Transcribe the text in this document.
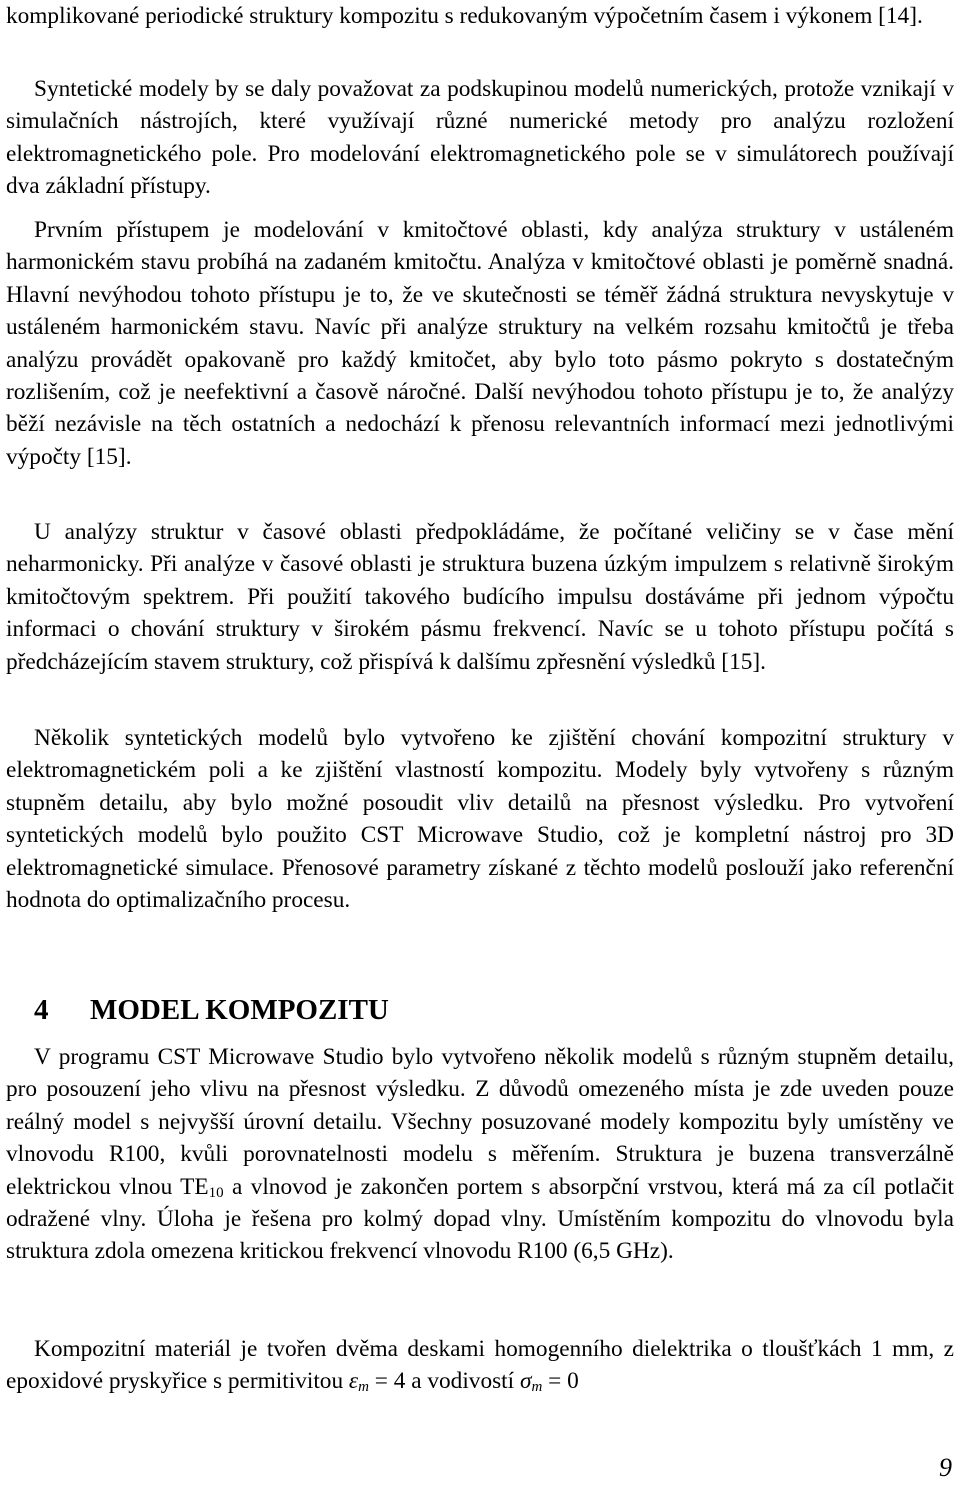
komplikované periodické struktury kompozitu s redukovaným výpočetním časem i výkonem [14].

Syntetické modely by se daly považovat za podskupinou modelů numerických, protože vznikají v simulačních nástrojích, které využívají různé numerické metody pro analýzu rozložení elektromagnetického pole. Pro modelování elektromagnetického pole se v simulátorech používají dva základní přístupy.

Prvním přístupem je modelování v kmitočtové oblasti, kdy analýza struktury v ustáleném harmonickém stavu probíhá na zadaném kmitočtu. Analýza v kmitočtové oblasti je poměrně snadná. Hlavní nevýhodou tohoto přístupu je to, že ve skutečnosti se téměř žádná struktura nevyskytuje v ustáleném harmonickém stavu. Navíc při analýze struktury na velkém rozsahu kmitočtů je třeba analýzu provádět opakovaně pro každý kmitočet, aby bylo toto pásmo pokryto s dostatečným rozlišením, což je neefektivní a časově náročné. Další nevýhodou tohoto přístupu je to, že analýzy běží nezávisle na těch ostatních a nedochází k přenosu relevantních informací mezi jednotlivými výpočty [15].

U analýzy struktur v časové oblasti předpokládáme, že počítané veličiny se v čase mění neharmonicky. Při analýze v časové oblasti je struktura buzena úzkým impulzem s relativně širokým kmitočtovým spektrem. Při použití takového budícího impulsu dostáváme při jednom výpočtu informaci o chování struktury v širokém pásmu frekvencí. Navíc se u tohoto přístupu počítá s předcházejícím stavem struktury, což přispívá k dalšímu zpřesnění výsledků [15].

Několik syntetických modelů bylo vytvořeno ke zjištění chování kompozitní struktury v elektromagnetickém poli a ke zjištění vlastností kompozitu. Modely byly vytvořeny s různým stupněm detailu, aby bylo možné posoudit vliv detailů na přesnost výsledku. Pro vytvoření syntetických modelů bylo použito CST Microwave Studio, což je kompletní nástroj pro 3D elektromagnetické simulace. Přenosové parametry získané z těchto modelů poslouží jako referenční hodnota do optimalizačního procesu.

4 MODEL KOMPOZITU

V programu CST Microwave Studio bylo vytvořeno několik modelů s různým stupněm detailu, pro posouzení jeho vlivu na přesnost výsledku. Z důvodů omezeného místa je zde uveden pouze reálný model s nejvyšší úrovní detailu. Všechny posuzované modely kompozitu byly umístěny ve vlnovodu R100, kvůli porovnatelnosti modelu s měřením. Struktura je buzena transverzálně elektrickou vlnou $TE_{10}$ a vlnovod je zakončen portem s absorpční vrstvou, která má za cíl potlačit odražené vlny. Úloha je řešena pro kolmý dopad vlny. Umístěním kompozitu do vlnovodu byla struktura zdola omezena kritickou frekvencí vlnovodu R100 (6,5 GHz).

Kompozitní materiál je tvořen dvěma deskami homogenního dielektrika o tloušťkách 1 mm, z epoxidové pryskyřice s permitivitou $\varepsilon_m = 4$ a vodivostí $\sigma_m = 0$

9
